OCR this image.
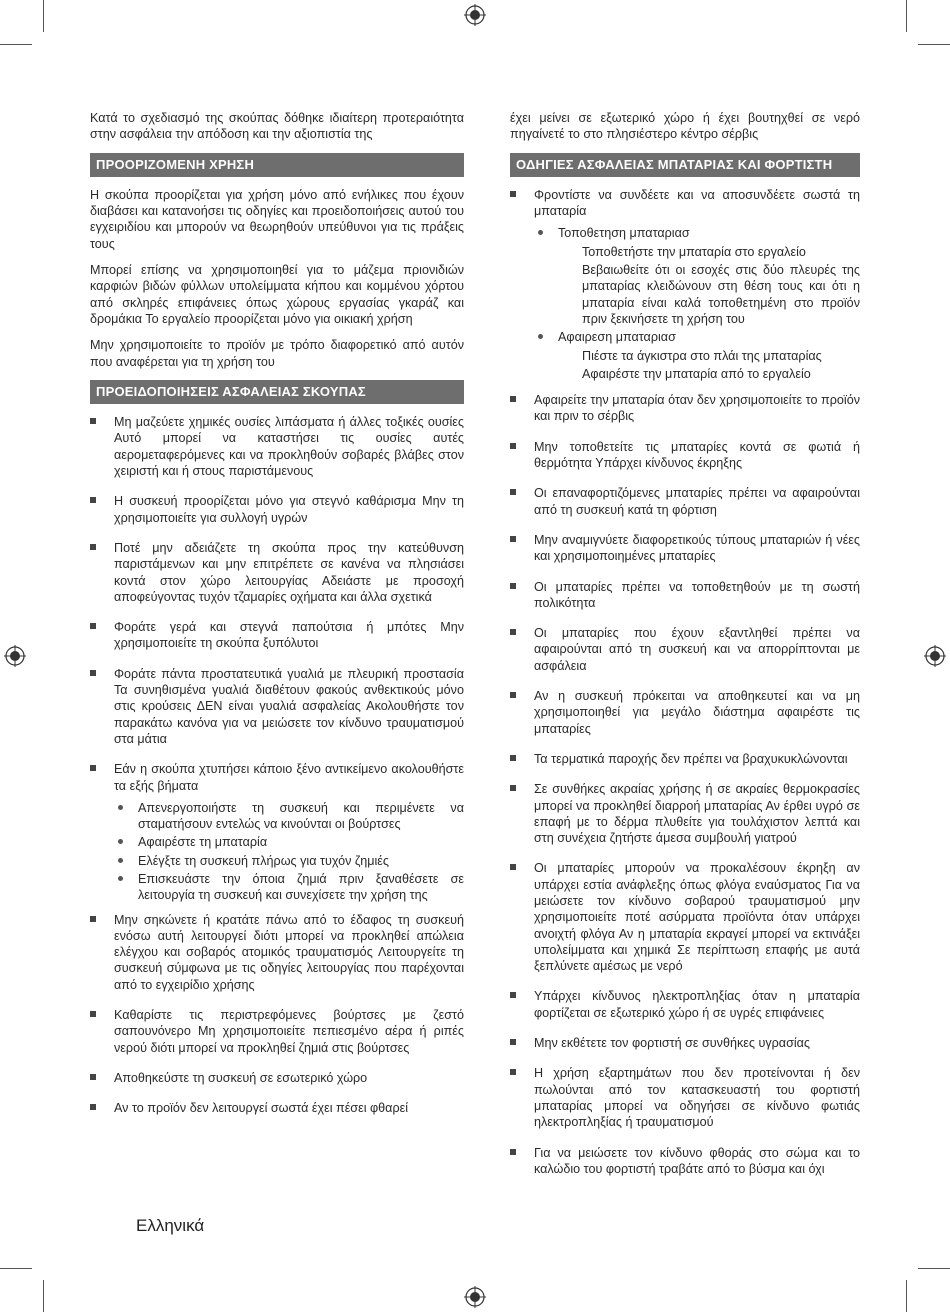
Κατά το σχεδιασμό της σκούπας δόθηκε ιδιαίτερη προτεραιότητα στην ασφάλεια την απόδοση και την αξιοπιστία της

ΠΡΟΟΡΙΖΟΜΕΝΗ ΧΡΗΣΗ

Η σκούπα προορίζεται για χρήση μόνο από ενήλικες που έχουν διαβάσει και κατανοήσει τις οδηγίες και προειδοποιήσεις αυτού του εγχειριδίου και μπορούν να θεωρηθούν υπεύθυνοι για τις πράξεις τους

Μπορεί επίσης να χρησιμοποιηθεί για το μάζεμα πριονιδιών καρφιών βιδών φύλλων υπολείμματα κήπου και κομμένου χόρτου από σκληρές επιφάνειες όπως χώρους εργασίας γκαράζ και δρομάκια Το εργαλείο προορίζεται μόνο για οικιακή χρήση

Μην χρησιμοποιείτε το προϊόν με τρόπο διαφορετικό από αυτόν που αναφέρεται για τη χρήση του

ΠΡΟΕΙΔΟΠΟΙΗΣΕΙΣ ΑΣΦΑΛΕΙΑΣ ΣΚΟΥΠΑΣ
Μη μαζεύετε χημικές ουσίες λιπάσματα ή άλλες τοξικές ουσίες Αυτό μπορεί να καταστήσει τις ουσίες αυτές αερομεταφερόμενες και να προκληθούν σοβαρές βλάβες στον χειριστή και ή στους παριστάμενους
Η συσκευή προορίζεται μόνο για στεγνό καθάρισμα Μην τη χρησιμοποιείτε για συλλογή υγρών
Ποτέ μην αδειάζετε τη σκούπα προς την κατεύθυνση παριστάμενων και μην επιτρέπετε σε κανένα να πλησιάσει κοντά στον χώρο λειτουργίας Αδειάστε με προσοχή αποφεύγοντας τυχόν τζαμαρίες οχήματα και άλλα σχετικά
Φοράτε γερά και στεγνά παπούτσια ή μπότες Μην χρησιμοποιείτε τη σκούπα ξυπόλυτοι
Φοράτε πάντα προστατευτικά γυαλιά με πλευρική προστασία Τα συνηθισμένα γυαλιά διαθέτουν φακούς ανθεκτικούς μόνο στις κρούσεις ΔΕΝ είναι γυαλιά ασφαλείας Ακολουθήστε τον παρακάτω κανόνα για να μειώσετε τον κίνδυνο τραυματισμού στα μάτια
Εάν η σκούπα χτυπήσει κάποιο ξένο αντικείμενο ακολουθήστε τα εξής βήματα
Απενεργοποιήστε τη συσκευή και περιμένετε να σταματήσουν εντελώς να κινούνται οι βούρτσες
Αφαιρέστε τη μπαταρία
Ελέγξτε τη συσκευή πλήρως για τυχόν ζημιές
Επισκευάστε την όποια ζημιά πριν ξαναθέσετε σε λειτουργία τη συσκευή και συνεχίσετε την χρήση της
Μην σηκώνετε ή κρατάτε πάνω από το έδαφος τη συσκευή ενόσω αυτή λειτουργεί διότι μπορεί να προκληθεί απώλεια ελέγχου και σοβαρός ατομικός τραυματισμός Λειτουργείτε τη συσκευή σύμφωνα με τις οδηγίες λειτουργίας που παρέχονται από το εγχειρίδιο χρήσης
Καθαρίστε τις περιστρεφόμενες βούρτσες με ζεστό σαπουνόνερο Μη χρησιμοποιείτε πεπιεσμένο αέρα ή ριπές νερού διότι μπορεί να προκληθεί ζημιά στις βούρτσες
Αποθηκεύστε τη συσκευή σε εσωτερικό χώρο
Αν το προϊόν δεν λειτουργεί σωστά έχει πέσει φθαρεί

έχει μείνει σε εξωτερικό χώρο ή έχει βουτηχθεί σε νερό πηγαίνετέ το στο πλησιέστερο κέντρο σέρβις

ΟΔΗΓΙΕΣ ΑΣΦΑΛΕΙΑΣ ΜΠΑΤΑΡΙΑΣ ΚΑΙ ΦΟΡΤΙΣΤΗ
Φροντίστε να συνδέετε και να αποσυνδέετε σωστά τη μπαταρία
Τοποθετηση μπαταριασ
Τοποθετήστε την μπαταρία στο εργαλείο
Βεβαιωθείτε ότι οι εσοχές στις δύο πλευρές της μπαταρίας κλειδώνουν στη θέση τους και ότι η μπαταρία είναι καλά τοποθετημένη στο προϊόν πριν ξεκινήσετε τη χρήση του
Αφαιρεση μπαταριασ
Πιέστε τα άγκιστρα στο πλάι της μπαταρίας
Αφαιρέστε την μπαταρία από το εργαλείο
Αφαιρείτε την μπαταρία όταν δεν χρησιμοποιείτε το προϊόν και πριν το σέρβις
Μην τοποθετείτε τις μπαταρίες κοντά σε φωτιά ή θερμότητα Υπάρχει κίνδυνος έκρηξης
Οι επαναφορτιζόμενες μπαταρίες πρέπει να αφαιρούνται από τη συσκευή κατά τη φόρτιση
Μην αναμιγνύετε διαφορετικούς τύπους μπαταριών ή νέες και χρησιμοποιημένες μπαταρίες
Οι μπαταρίες πρέπει να τοποθετηθούν με τη σωστή πολικότητα
Οι μπαταρίες που έχουν εξαντληθεί πρέπει να αφαιρούνται από τη συσκευή και να απορρίπτονται με ασφάλεια
Αν η συσκευή πρόκειται να αποθηκευτεί και να μη χρησιμοποιηθεί για μεγάλο διάστημα αφαιρέστε τις μπαταρίες
Τα τερματικά παροχής δεν πρέπει να βραχυκυκλώνονται
Σε συνθήκες ακραίας χρήσης ή σε ακραίες θερμοκρασίες μπορεί να προκληθεί διαρροή μπαταρίας Αν έρθει υγρό σε επαφή με το δέρμα πλυθείτε για τουλάχιστον λεπτά και στη συνέχεια ζητήστε άμεσα συμβουλή γιατρού
Οι μπαταρίες μπορούν να προκαλέσουν έκρηξη αν υπάρχει εστία ανάφλεξης όπως φλόγα εναύσματος Για να μειώσετε τον κίνδυνο σοβαρού τραυματισμού μην χρησιμοποιείτε ποτέ ασύρματα προϊόντα όταν υπάρχει ανοιχτή φλόγα Αν η μπαταρία εκραγεί μπορεί να εκτινάξει υπολείμματα και χημικά Σε περίπτωση επαφής με αυτά ξεπλύνετε αμέσως με νερό
Υπάρχει κίνδυνος ηλεκτροπληξίας όταν η μπαταρία φορτίζεται σε εξωτερικό χώρο ή σε υγρές επιφάνειες
Μην εκθέτετε τον φορτιστή σε συνθήκες υγρασίας
Η χρήση εξαρτημάτων που δεν προτείνονται ή δεν πωλούνται από τον κατασκευαστή του φορτιστή μπαταρίας μπορεί να οδηγήσει σε κίνδυνο φωτιάς ηλεκτροπληξίας ή τραυματισμού
Για να μειώσετε τον κίνδυνο φθοράς στο σώμα και το καλώδιο του φορτιστή τραβάτε από το βύσμα και όχι
Ελληνικά
